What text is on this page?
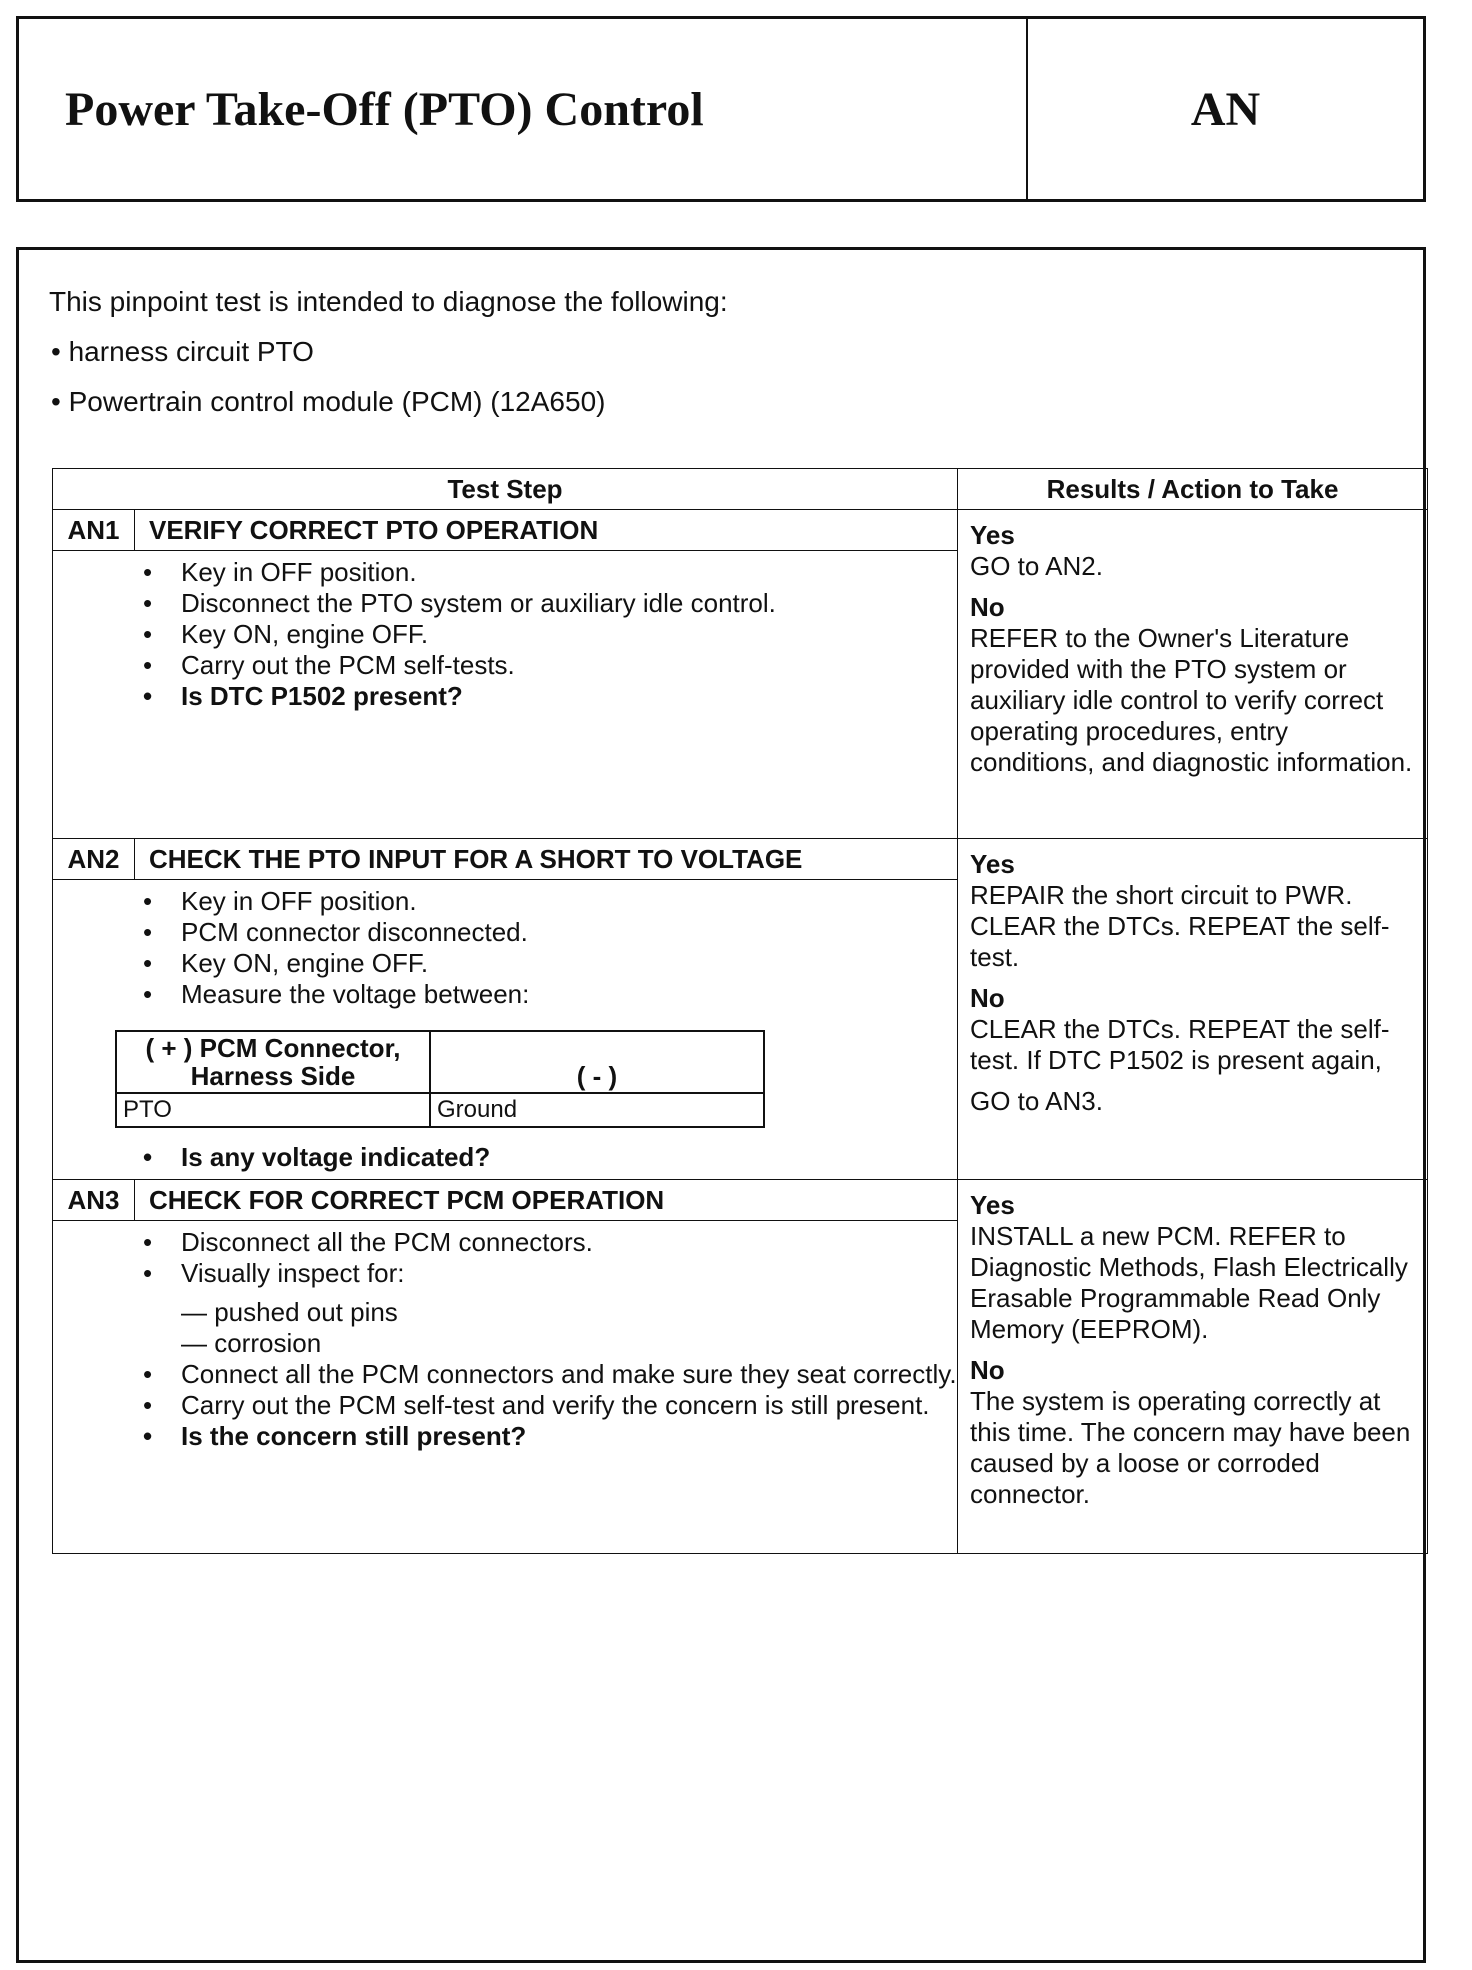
Power Take-Off (PTO) Control	AN

This pinpoint test is intended to diagnose the following:

• harness circuit PTO
• Powertrain control module (PCM) (12A650)
Test Step	Results / Action to Take
AN1	VERIFY CORRECT PTO OPERATION	Yes
GO to AN2.
No
REFER to the Owner's Literature provided with the PTO system or auxiliary idle control to verify correct operating procedures, entry conditions, and diagnostic information.

• Key in OFF position.
• Disconnect the PTO system or auxiliary idle control.
• Key ON, engine OFF.
• Carry out the PCM self-tests.
• Is DTC P1502 present?

AN2	CHECK THE PTO INPUT FOR A SHORT TO VOLTAGE	Yes
REPAIR the short circuit to PWR. CLEAR the DTCs. REPEAT the self-test.
No
CLEAR the DTCs. REPEAT the self-test. If DTC P1502 is present again,
GO to AN3.

• Key in OFF position.
• PCM connector disconnected.
• Key ON, engine OFF.
• Measure the voltage between:
( + ) PCM Connector, Harness Side	( - )
PTO	Ground
• Is any voltage indicated?

AN3	CHECK FOR CORRECT PCM OPERATION	Yes
INSTALL a new PCM. REFER to Diagnostic Methods, Flash Electrically Erasable Programmable Read Only Memory (EEPROM).
No
The system is operating correctly at this time. The concern may have been caused by a loose or corroded connector.

• Disconnect all the PCM connectors.
• Visually inspect for:
— pushed out pins
— corrosion
• Connect all the PCM connectors and make sure they seat correctly.
• Carry out the PCM self-test and verify the concern is still present.
• Is the concern still present?
